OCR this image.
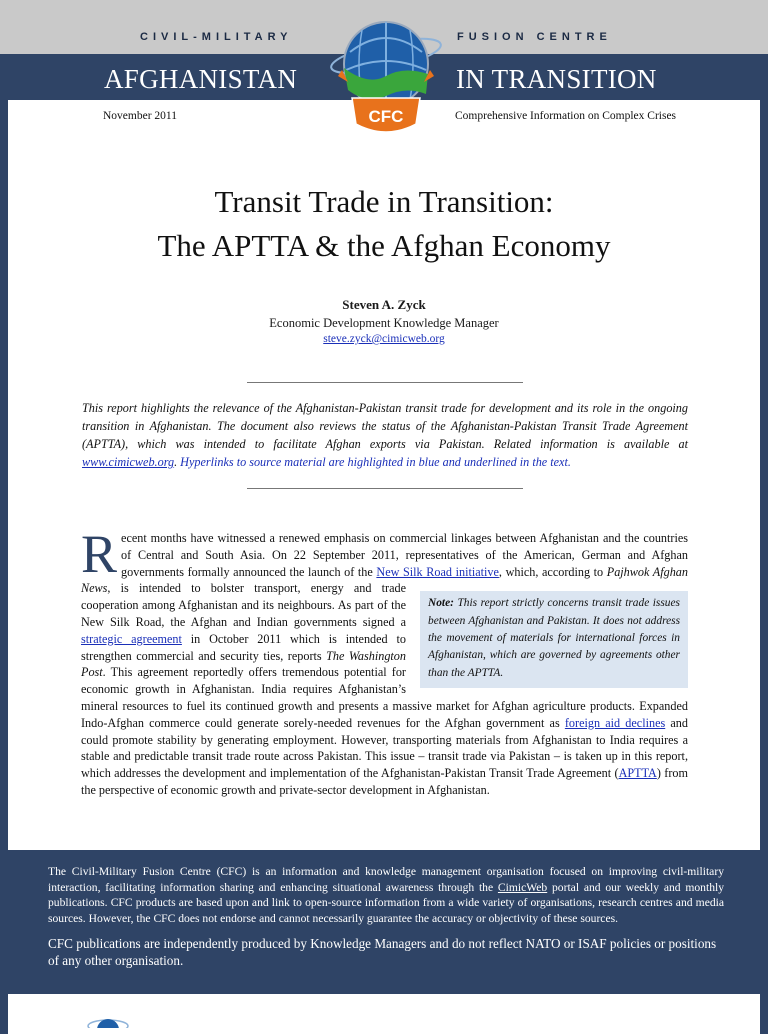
CIVIL-MILITARY	FUSION CENTRE
AFGHANISTAN	IN TRANSITION
November 2011	Comprehensive Information on Complex Crises
CFC
Transit Trade in Transition:
The APTTA & the Afghan Economy
Steven A. Zyck
Economic Development Knowledge Manager
steve.zyck@cimicweb.org
This report highlights the relevance of the Afghanistan-Pakistan transit trade for development and its role in the ongoing transition in Afghanistan. The document also reviews the status of the Afghanistan-Pakistan Transit Trade Agreement (APTTA), which was intended to facilitate Afghan exports via Pakistan. Related information is available at www.cimicweb.org. Hyperlinks to source material are highlighted in blue and underlined in the text.
Recent months have witnessed a renewed emphasis on commercial linkages between Afghanistan and the countries of Central and South Asia. On 22 September 2011, representatives of the American, German and Afghan governments formally announced the launch of the New Silk Road initiative, which, according to
Note: This report strictly concerns transit trade issues between Afghanistan and Pakistan. It does not address the movement of materials for international forces in Afghanistan, which are governed by agreements other than the APTTA.
Pajhwok Afghan News, is intended to bolster transport, energy and trade cooperation among Afghanistan and its neighbours. As part of the New Silk Road, the Afghan and Indian governments signed a strategic agreement in October 2011 which is intended to strengthen commercial and security ties, reports The Washington Post. This agreement reportedly offers tremendous potential for economic growth in Afghanistan. India requires Afghanistan’s mineral resources to fuel its continued growth and presents a massive market for Afghan agriculture products. Expanded Indo-Afghan commerce could generate sorely-needed revenues for the Afghan government as foreign aid declines and could promote stability by generating employment. However, transporting materials from Afghanistan to India requires a stable and predictable transit trade route across Pakistan. This issue – transit trade via Pakistan – is taken up in this report, which addresses the development and implementation of the Afghanistan-Pakistan Transit Trade Agreement (APTTA) from the perspective of economic growth and private-sector development in Afghanistan.
The Civil-Military Fusion Centre (CFC) is an information and knowledge management organisation focused on improving civil-military interaction, facilitating information sharing and enhancing situational awareness through the CimicWeb portal and our weekly and monthly publications. CFC products are based upon and link to open-source information from a wide variety of organisations, research centres and media sources. However, the CFC does not endorse and cannot necessarily guarantee the accuracy or objectivity of these sources.
CFC publications are independently produced by Knowledge Managers and do not reflect NATO or ISAF policies or positions of any other organisation.
